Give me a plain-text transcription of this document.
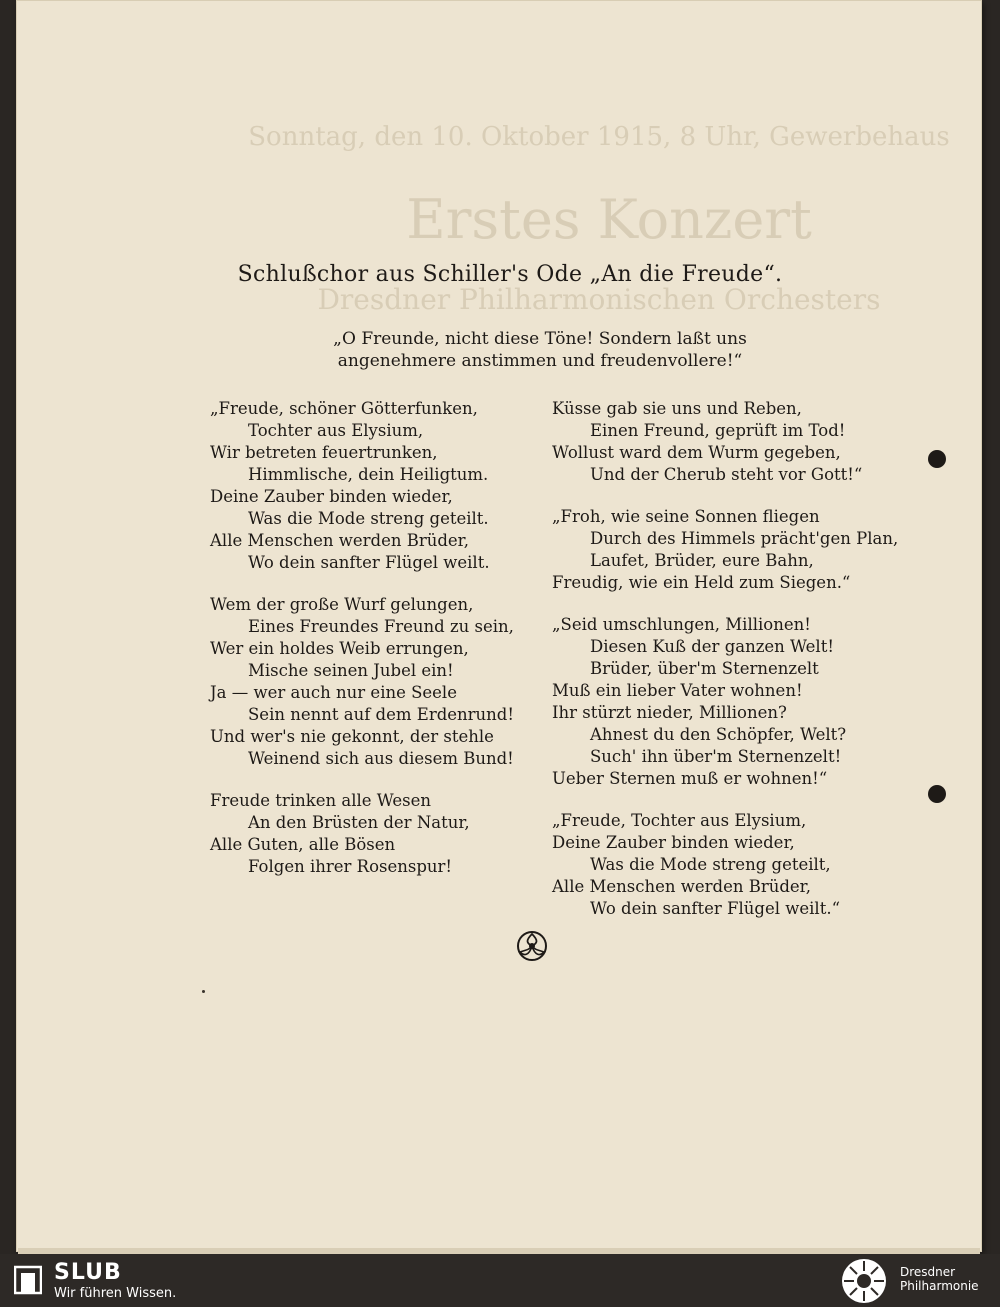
Sonntag, den 10. Oktober 1915, 8 Uhr, Gewerbehaus
Erstes Konzert
Dresdner Philharmonischen Orchesters
Schlußchor aus Schiller's Ode „An die Freude“.
„O Freunde, nicht diese Töne! Sondern laßt uns
angenehmere anstimmen und freudenvollere!“
„Freude, schöner Götterfunken,
Tochter aus Elysium,
Wir betreten feuertrunken,
Himmlische, dein Heiligtum.
Deine Zauber binden wieder,
Was die Mode streng geteilt.
Alle Menschen werden Brüder,
Wo dein sanfter Flügel weilt.
Wem der große Wurf gelungen,
Eines Freundes Freund zu sein,
Wer ein holdes Weib errungen,
Mische seinen Jubel ein!
Ja — wer auch nur eine Seele
Sein nennt auf dem Erdenrund!
Und wer's nie gekonnt, der stehle
Weinend sich aus diesem Bund!
Freude trinken alle Wesen
An den Brüsten der Natur,
Alle Guten, alle Bösen
Folgen ihrer Rosenspur!
Küsse gab sie uns und Reben,
Einen Freund, geprüft im Tod!
Wollust ward dem Wurm gegeben,
Und der Cherub steht vor Gott!“
„Froh, wie seine Sonnen fliegen
Durch des Himmels prächt'gen Plan,
Laufet, Brüder, eure Bahn,
Freudig, wie ein Held zum Siegen.“
„Seid umschlungen, Millionen!
Diesen Kuß der ganzen Welt!
Brüder, über'm Sternenzelt
Muß ein lieber Vater wohnen!
Ihr stürzt nieder, Millionen?
Ahnest du den Schöpfer, Welt?
Such' ihn über'm Sternenzelt!
Ueber Sternen muß er wohnen!“
„Freude, Tochter aus Elysium,
Deine Zauber binden wieder,
Was die Mode streng geteilt,
Alle Menschen werden Brüder,
Wo dein sanfter Flügel weilt.“
SLUB
Wir führen Wissen.
Dresdner
Philharmonie
